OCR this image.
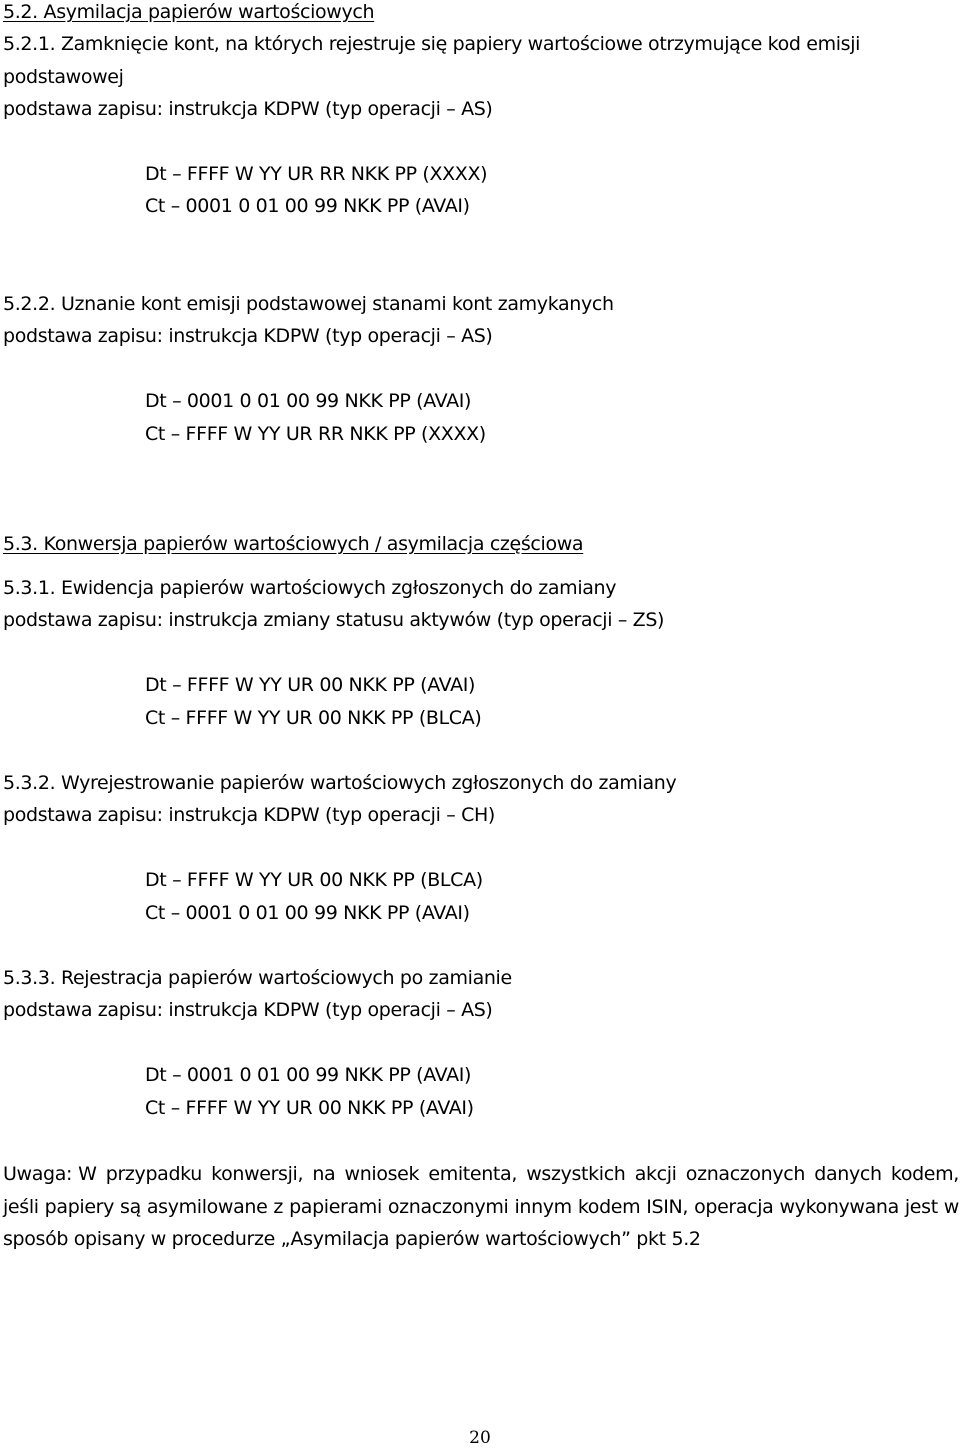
5.2. Asymilacja papierów wartościowych
5.2.1. Zamknięcie kont, na których rejestruje się papiery wartościowe otrzymujące kod emisji
podstawowej
podstawa zapisu: instrukcja KDPW (typ operacji – AS)
Dt – FFFF W YY UR RR NKK PP (XXXX)
Ct – 0001 0 01 00 99 NKK PP (AVAI)
5.2.2. Uznanie kont emisji podstawowej stanami kont zamykanych
podstawa zapisu: instrukcja KDPW (typ operacji – AS)
Dt – 0001 0 01 00 99 NKK PP (AVAI)
Ct – FFFF W YY UR RR NKK PP (XXXX)
5.3. Konwersja papierów wartościowych / asymilacja częściowa
5.3.1. Ewidencja papierów wartościowych zgłoszonych do zamiany
podstawa zapisu: instrukcja zmiany statusu aktywów (typ operacji – ZS)
Dt – FFFF W YY UR 00 NKK PP (AVAI)
Ct – FFFF W YY UR 00 NKK PP (BLCA)
5.3.2. Wyrejestrowanie papierów wartościowych zgłoszonych do zamiany
podstawa zapisu: instrukcja KDPW (typ operacji – CH)
Dt – FFFF W YY UR 00 NKK PP (BLCA)
Ct – 0001 0 01 00 99 NKK PP (AVAI)
5.3.3. Rejestracja papierów wartościowych po zamianie
podstawa zapisu: instrukcja KDPW (typ operacji – AS)
Dt – 0001 0 01 00 99 NKK PP (AVAI)
Ct – FFFF W YY UR 00 NKK PP (AVAI)
Uwaga: W przypadku konwersji, na wniosek emitenta, wszystkich akcji oznaczonych danych kodem, jeśli papiery są asymilowane z papierami oznaczonymi innym kodem ISIN, operacja wykonywana jest w sposób opisany w procedurze „Asymilacja papierów wartościowych” pkt 5.2
20
